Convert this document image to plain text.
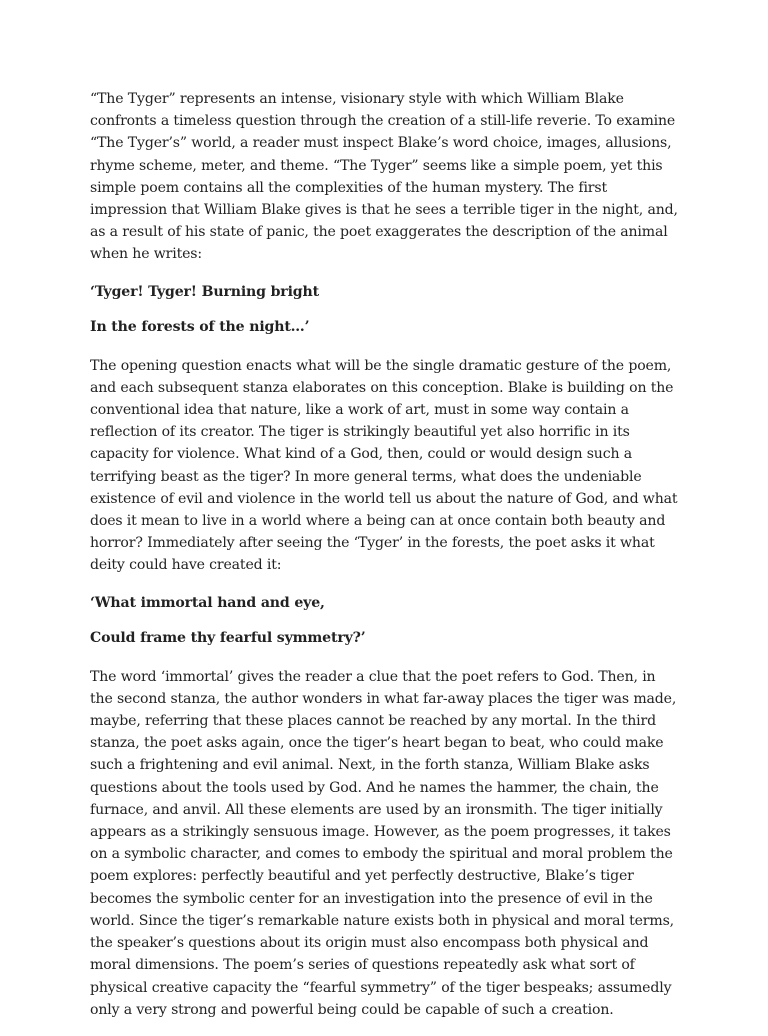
“The Tyger” represents an intense, visionary style with which William Blake confronts a timeless question through the creation of a still-life reverie. To examine “The Tyger’s” world, a reader must inspect Blake’s word choice, images, allusions, rhyme scheme, meter, and theme. “The Tyger” seems like a simple poem, yet this simple poem contains all the complexities of the human mystery. The first impression that William Blake gives is that he sees a terrible tiger in the night, and, as a result of his state of panic, the poet exaggerates the description of the animal when he writes:

‘Tyger! Tyger! Burning bright

In the forests of the night…’

The opening question enacts what will be the single dramatic gesture of the poem, and each subsequent stanza elaborates on this conception. Blake is building on the conventional idea that nature, like a work of art, must in some way contain a reflection of its creator. The tiger is strikingly beautiful yet also horrific in its capacity for violence. What kind of a God, then, could or would design such a terrifying beast as the tiger? In more general terms, what does the undeniable existence of evil and violence in the world tell us about the nature of God, and what does it mean to live in a world where a being can at once contain both beauty and horror? Immediately after seeing the ‘Tyger’ in the forests, the poet asks it what deity could have created it:

‘What immortal hand and eye,

Could frame thy fearful symmetry?’

The word ‘immortal’ gives the reader a clue that the poet refers to God. Then, in the second stanza, the author wonders in what far-away places the tiger was made, maybe, referring that these places cannot be reached by any mortal. In the third stanza, the poet asks again, once the tiger’s heart began to beat, who could make such a frightening and evil animal. Next, in the forth stanza, William Blake asks questions about the tools used by God. And he names the hammer, the chain, the furnace, and anvil. All these elements are used by an ironsmith. The tiger initially appears as a strikingly sensuous image. However, as the poem progresses, it takes on a symbolic character, and comes to embody the spiritual and moral problem the poem explores: perfectly beautiful and yet perfectly destructive, Blake’s tiger becomes the symbolic center for an investigation into the presence of evil in the world. Since the tiger’s remarkable nature exists both in physical and moral terms, the speaker’s questions about its origin must also encompass both physical and moral dimensions. The poem’s series of questions repeatedly ask what sort of physical creative capacity the “fearful symmetry” of the tiger bespeaks; assumedly only a very strong and powerful being could be capable of such a creation.
